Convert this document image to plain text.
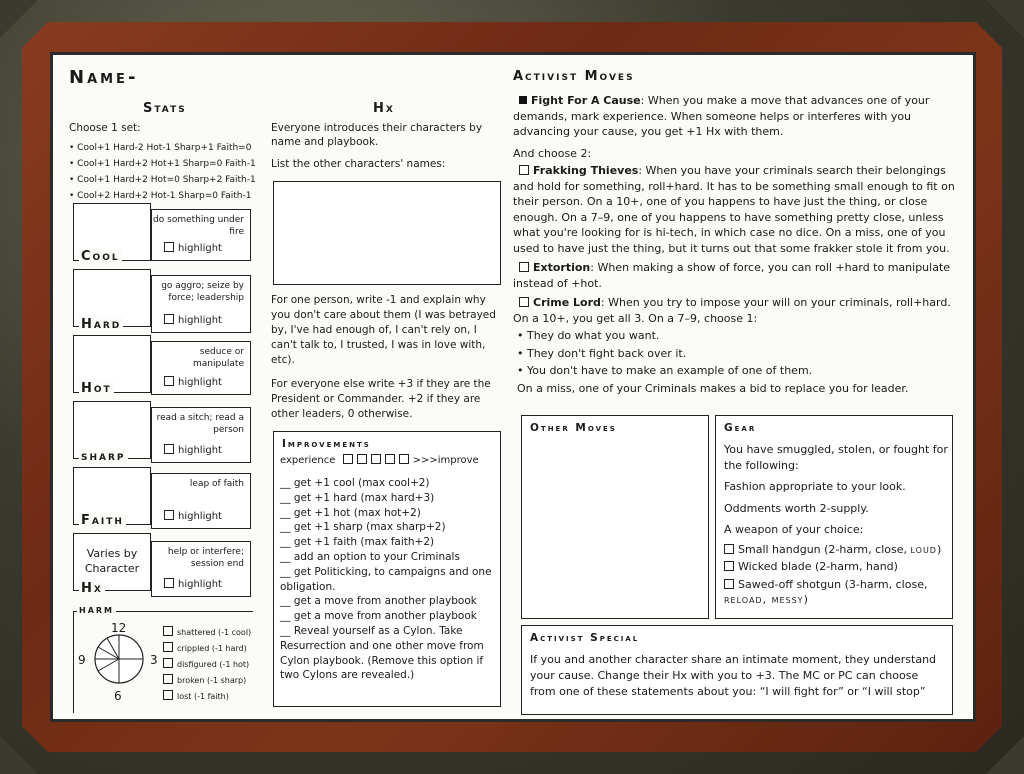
Name-
Stats
Choose 1 set:
• Cool+1 Hard-2 Hot-1 Sharp+1 Faith=0
• Cool+1 Hard+2 Hot+1 Sharp=0 Faith-1
• Cool+1 Hard+2 Hot=0 Sharp+2 Faith-1
• Cool+2 Hard+2 Hot-1 Sharp=0 Faith-1
Cool
do something under fire
highlight
Hard
go aggro; seize by force; leadership
highlight
Hot
seduce or manipulate
highlight
sharp
read a sitch; read a person
highlight
Faith
leap of faith
highlight
Varies by Character
Hx
help or interfere; session end
highlight
harm
12
3
6
9
shattered (-1 cool)
crippled (-1 hard)
disfigured (-1 hot)
broken (-1 sharp)
lost (-1 faith)
Hx
Everyone introduces their characters by name and playbook.
List the other characters' names:
For one person, write -1 and explain why you don't care about them (I was betrayed by, I've had enough of, I can't rely on, I can't talk to, I trusted, I was in love with, etc).
For everyone else write +3 if they are the President or Commander. +2 if they are other leaders, 0 otherwise.
Improvements
experience	>>>improve
__ get +1 cool (max cool+2)
__ get +1 hard (max hard+3)
__ get +1 hot (max hot+2)
__ get +1 sharp (max sharp+2)
__ get +1 faith (max faith+2)
__ add an option to your Criminals
__ get Politicking, to campaigns and one obligation.
__ get a move from another playbook
__ get a move from another playbook
__ Reveal yourself as a Cylon. Take Resurrection and one other move from Cylon playbook. (Remove this option if two Cylons are revealed.)
Activist Moves

Fight For A Cause: When you make a move that advances one of your demands, mark experience. When someone helps or interferes with you advancing your cause, you get +1 Hx with them.

And choose 2:

Frakking Thieves: When you have your criminals search their belongings and hold for something, roll+hard. It has to be something small enough to fit on their person. On a 10+, one of you happens to have just the thing, or close enough. On a 7–9, one of you happens to have something pretty close, unless what you're looking for is hi-tech, in which case no dice. On a miss, one of you used to have just the thing, but it turns out that some frakker stole it from you.

Extortion: When making a show of force, you can roll +hard to manipulate instead of +hot.

Crime Lord: When you try to impose your will on your criminals, roll+hard. On a 10+, you get all 3. On a 7–9, choose 1:

• They do what you want.

• They don't fight back over it.

• You don't have to make an example of one of them.

On a miss, one of your Criminals makes a bid to replace you for leader.

Other Moves	Gear

You have smuggled, stolen, or fought for the following:

Fashion appropriate to your look.

Oddments worth 2-supply.

A weapon of your choice:

Small handgun (2-harm, close, loud)

Wicked blade (2-harm, hand)

Sawed-off shotgun (3-harm, close,
reload, messy)

Activist Special
If you and another character share an intimate moment, they understand your cause. Change their Hx with you to +3. The MC or PC can choose from one of these statements about you: “I will fight for” or “I will stop”
